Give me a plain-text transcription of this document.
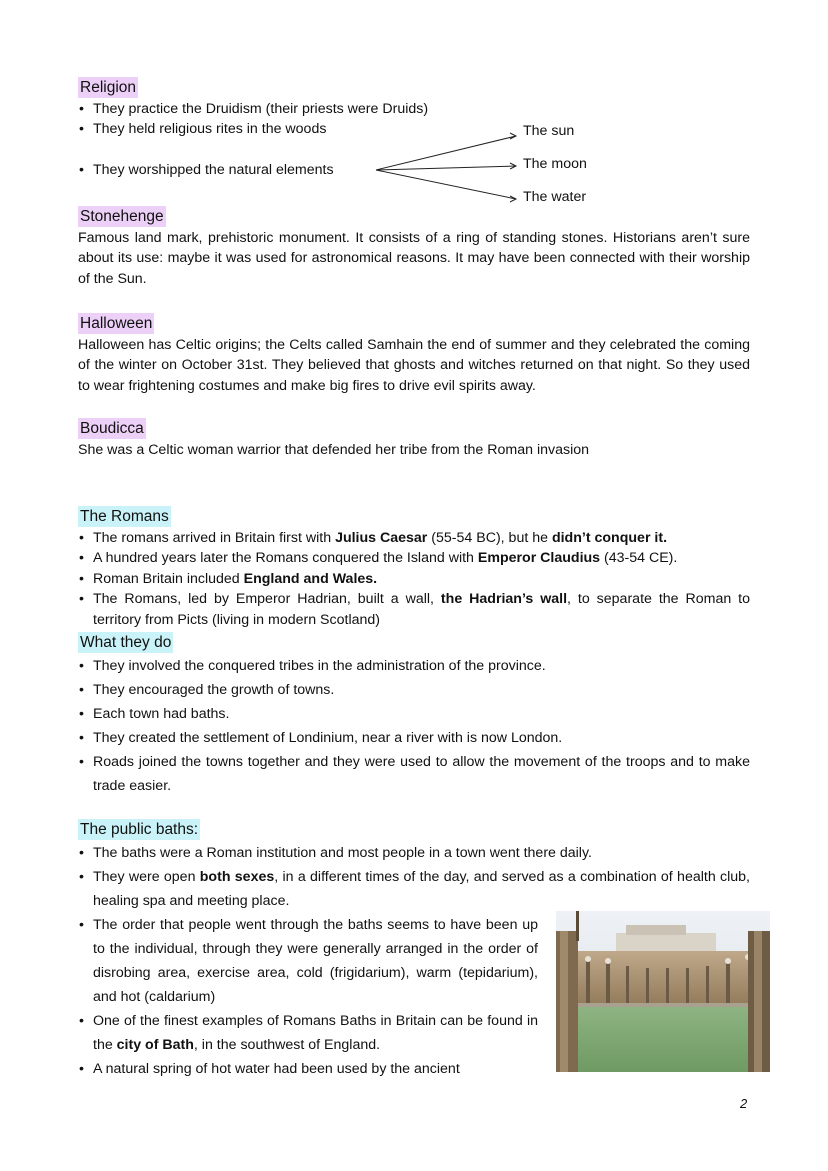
Religion
• They practice the Druidism (their priests were Druids)
• They held religious rites in the woods
• They worshipped the natural elements
The sun
The moon
The water
Stonehenge
Famous land mark, prehistoric monument. It consists of a ring of standing stones. Historians aren’t sure about its use: maybe it was used for astronomical reasons. It may have been connected with their worship of the Sun.
Halloween
Halloween has Celtic origins; the Celts called Samhain the end of summer and they celebrated the coming of the winter on October 31st. They believed that ghosts and witches returned on that night. So they used to wear frightening costumes and make big fires to drive evil spirits away.
Boudicca
She was a Celtic woman warrior that defended her tribe from the Roman invasion
The Romans
• The romans arrived in Britain first with Julius Caesar (55-54 BC), but he didn’t conquer it.
• A hundred years later the Romans conquered the Island with Emperor Claudius (43-54 CE).
• Roman Britain included England and Wales.
• The Romans, led by Emperor Hadrian, built a wall, the Hadrian’s wall, to separate the Roman to territory from Picts (living in modern Scotland)
What they do
• They involved the conquered tribes in the administration of the province.
• They encouraged the growth of towns.
• Each town had baths.
• They created the settlement of Londinium, near a river with is now London.
• Roads joined the towns together and they were used to allow the movement of the troops and to make trade easier.
The public baths:
• The baths were a Roman institution and most people in a town went there daily.
• They were open both sexes, in a different times of the day, and served as a combination of health club, healing spa and meeting place.
• The order that people went through the baths seems to have been up to the individual, through they were generally arranged in the order of disrobing area, exercise area, cold (frigidarium), warm (tepidarium), and hot (caldarium)
• One of the finest examples of Romans Baths in Britain can be found in the city of Bath, in the southwest of England.
• A natural spring of hot water had been used by the ancient
2
